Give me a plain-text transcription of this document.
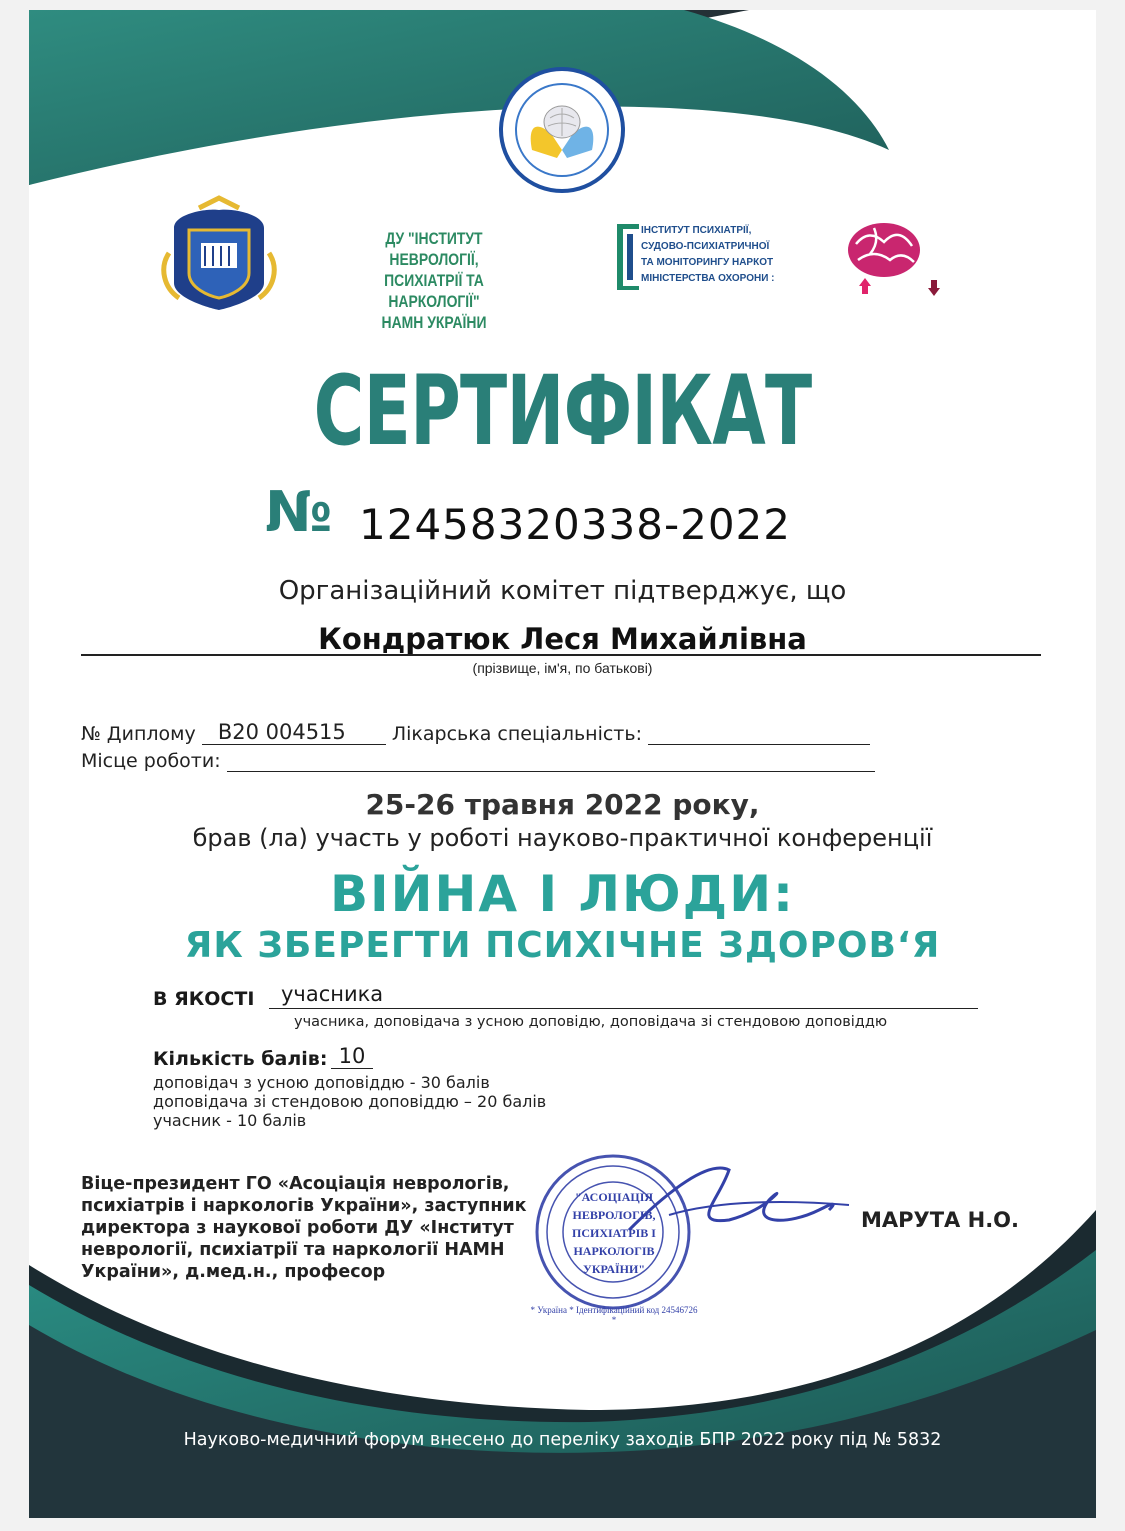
ДУ "ІНСТИТУТ НЕВРОЛОГІЇ,
ПСИХІАТРІЇ ТА НАРКОЛОГІЇ"
НАМН УКРАЇНИ
ІНСТИТУТ ПСИХІАТРІЇ,
СУДОВО-ПСИХІАТРИЧНОЇ
ТА МОНІТОРИНГУ НАРКОТ
МІНІСТЕРСТВА ОХОРОНИ :
СЕРТИФІКАТ
№ 12458320338-2022
Організаційний комітет підтверджує, що
Кондратюк Леся Михайлівна
(прізвище, ім'я, по батькові)
№ Диплому В20 004515 Лікарська спеціальність:
Місце роботи:
25-26 травня 2022 року,
брав (ла) участь у роботі науково-практичної конференції
ВІЙНА І ЛЮДИ:
ЯК ЗБЕРЕГТИ ПСИХІЧНЕ ЗДОРОВ‘Я
В ЯКОСТІ	учасника
учасника, доповідача з усною доповідю, доповідача зі стендовою доповіддю
Кількість балів: 10
доповідач з усною доповіддю - 30 балів
доповідача зі стендовою доповіддю – 20 балів
учасник - 10 балів
Віце-президент ГО «Асоціація неврологів, психіатрів і наркологів України», заступник директора з наукової роботи ДУ «Інститут неврології, психіатрії та наркології НАМН України», д.мед.н., професор
МАРУТА Н.О.
"АСОЦІАЦІЯ
НЕВРОЛОГІВ,
ПСИХІАТРІВ І
НАРКОЛОГІВ
УКРАЇНИ"
* Україна * Ідентифікаційний код 24546726 *
Науково-медичний форум внесено до переліку заходів БПР 2022 року під № 5832
